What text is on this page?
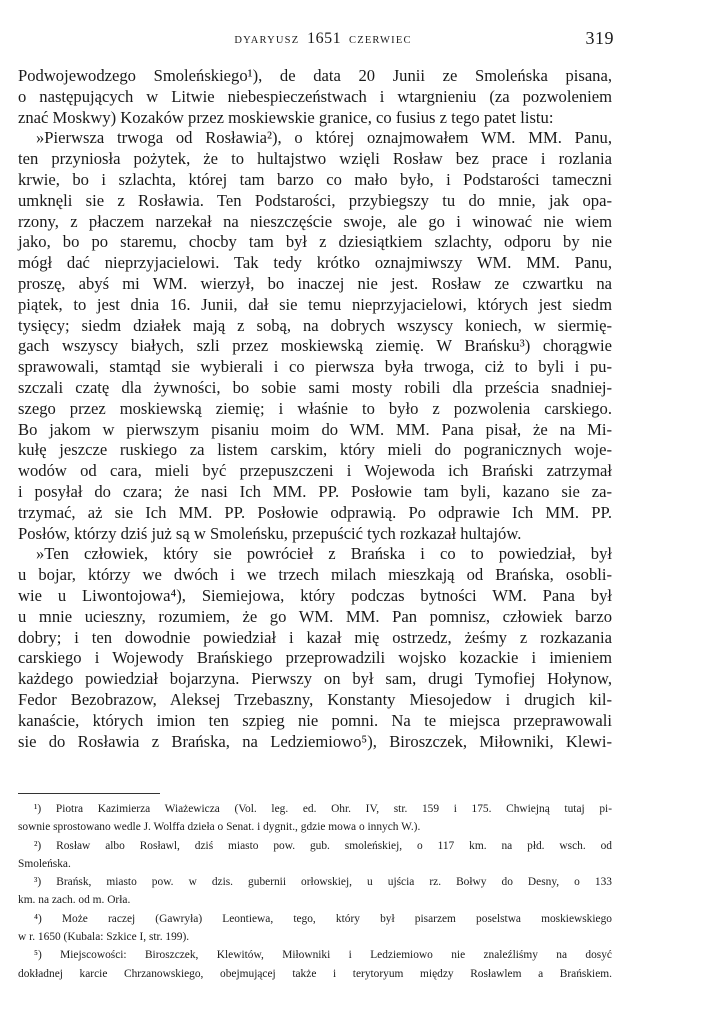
DYARYUSZ 1651 CZERWIEC	319
Podwojewodzego Smoleńskiego¹), de data 20 Junii ze Smoleńska pisana,
o następujących w Litwie niebespieczeństwach i wtargnieniu (za pozwoleniem
znać Moskwy) Kozaków przez moskiewskie granice, co fusius z tego patet listu:
»Pierwsza trwoga od Rosławia²), o której oznajmowałem WM. MM. Panu,
ten przyniosła pożytek, że to hultajstwo wzięli Rosław bez prace i rozlania
krwie, bo i szlachta, której tam barzo co mało było, i Podstarości tameczni
umknęli sie z Rosławia. Ten Podstarości, przybiegszy tu do mnie, jak opa-
rzony, z płaczem narzekał na nieszczęście swoje, ale go i winować nie wiem
jako, bo po staremu, chocby tam był z dziesiątkiem szlachty, odporu by nie
mógł dać nieprzyjacielowi. Tak tedy krótko oznajmiwszy WM. MM. Panu,
proszę, abyś mi WM. wierzył, bo inaczej nie jest. Rosław ze czwartku na
piątek, to jest dnia 16. Junii, dał sie temu nieprzyjacielowi, których jest siedm
tysięcy; siedm działek mają z sobą, na dobrych wszyscy koniech, w siermię-
gach wszyscy białych, szli przez moskiewską ziemię. W Brańsku³) chorągwie
sprawowali, stamtąd sie wybierali i co pierwsza była trwoga, ciż to byli i pu-
szczali czatę dla żywności, bo sobie sami mosty robili dla prześcia snadniej-
szego przez moskiewską ziemię; i właśnie to było z pozwolenia carskiego.
Bo jakom w pierwszym pisaniu moim do WM. MM. Pana pisał, że na Mi-
kułę jeszcze ruskiego za listem carskim, który mieli do pogranicznych woje-
wodów od cara, mieli być przepuszczeni i Wojewoda ich Brański zatrzymał
i posyłał do czara; że nasi Ich MM. PP. Posłowie tam byli, kazano sie za-
trzymać, aż sie Ich MM. PP. Posłowie odprawią. Po odprawie Ich MM. PP.
Posłów, którzy dziś już są w Smoleńsku, przepuścić tych rozkazał hultajów.
»Ten człowiek, który sie powrócieł z Brańska i co to powiedział, był
u bojar, którzy we dwóch i we trzech milach mieszkają od Brańska, osobli-
wie u Liwontojowa⁴), Siemiejowa, który podczas bytności WM. Pana był
u mnie ucieszny, rozumiem, że go WM. MM. Pan pomnisz, człowiek barzo
dobry; i ten dowodnie powiedział i kazał mię ostrzedz, żeśmy z rozkazania
carskiego i Wojewody Brańskiego przeprowadzili wojsko kozackie i imieniem
każdego powiedział bojarzyna. Pierwszy on był sam, drugi Tymofiej Hołynow,
Fedor Bezobrazow, Aleksej Trzebaszny, Konstanty Miesojedow i drugich kil-
kanaście, których imion ten szpieg nie pomni. Na te miejsca przeprawowali
sie do Rosławia z Brańska, na Ledziemiowo⁵), Biroszczek, Miłowniki, Klewi-
¹) Piotra Kazimierza Wiażewicza (Vol. leg. ed. Ohr. IV, str. 159 i 175. Chwiejną tutaj pi-
sownie sprostowano wedle J. Wolffa dzieła o Senat. i dygnit., gdzie mowa o innych W.).
²) Rosław albo Rosławl, dziś miasto pow. gub. smoleńskiej, o 117 km. na płd. wsch. od
Smoleńska.
³) Brańsk, miasto pow. w dzis. gubernii orłowskiej, u ujścia rz. Bołwy do Desny, o 133
km. na zach. od m. Orła.
⁴) Może raczej (Gawryła) Leontiewa, tego, który był pisarzem poselstwa moskiewskiego
w r. 1650 (Kubala: Szkice I, str. 199).
⁵) Miejscowości: Biroszczek, Klewitów, Miłowniki i Ledziemiowo nie znaleźliśmy na dosyć
dokładnej karcie Chrzanowskiego, obejmującej także i terytoryum między Rosławlem a Brańskiem.
